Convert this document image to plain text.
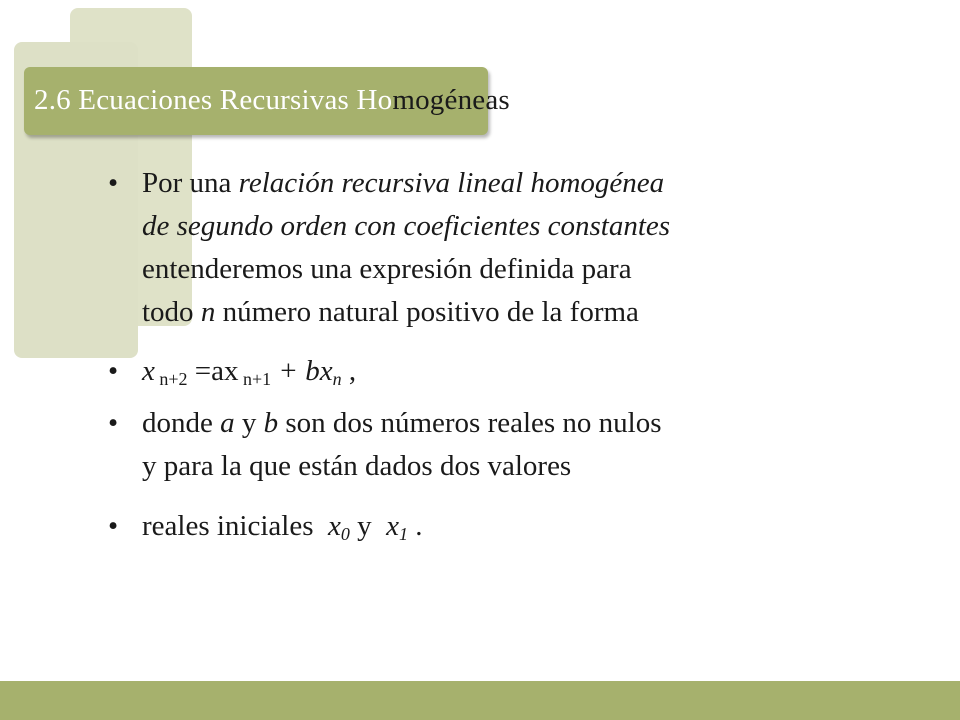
2.6 Ecuaciones Recursivas Homogéneas
• Por una relación recursiva lineal homogénea
de segundo orden con coeficientes constantes
entenderemos una expresión definida para
todo n número natural positivo de la forma
• x $_{n+2}$ =ax $_{n+1}$ + bxn ,
• donde a y b son dos números reales no nulos
y para la que están dados dos valores
• reales iniciales  x0 y  x1 .
